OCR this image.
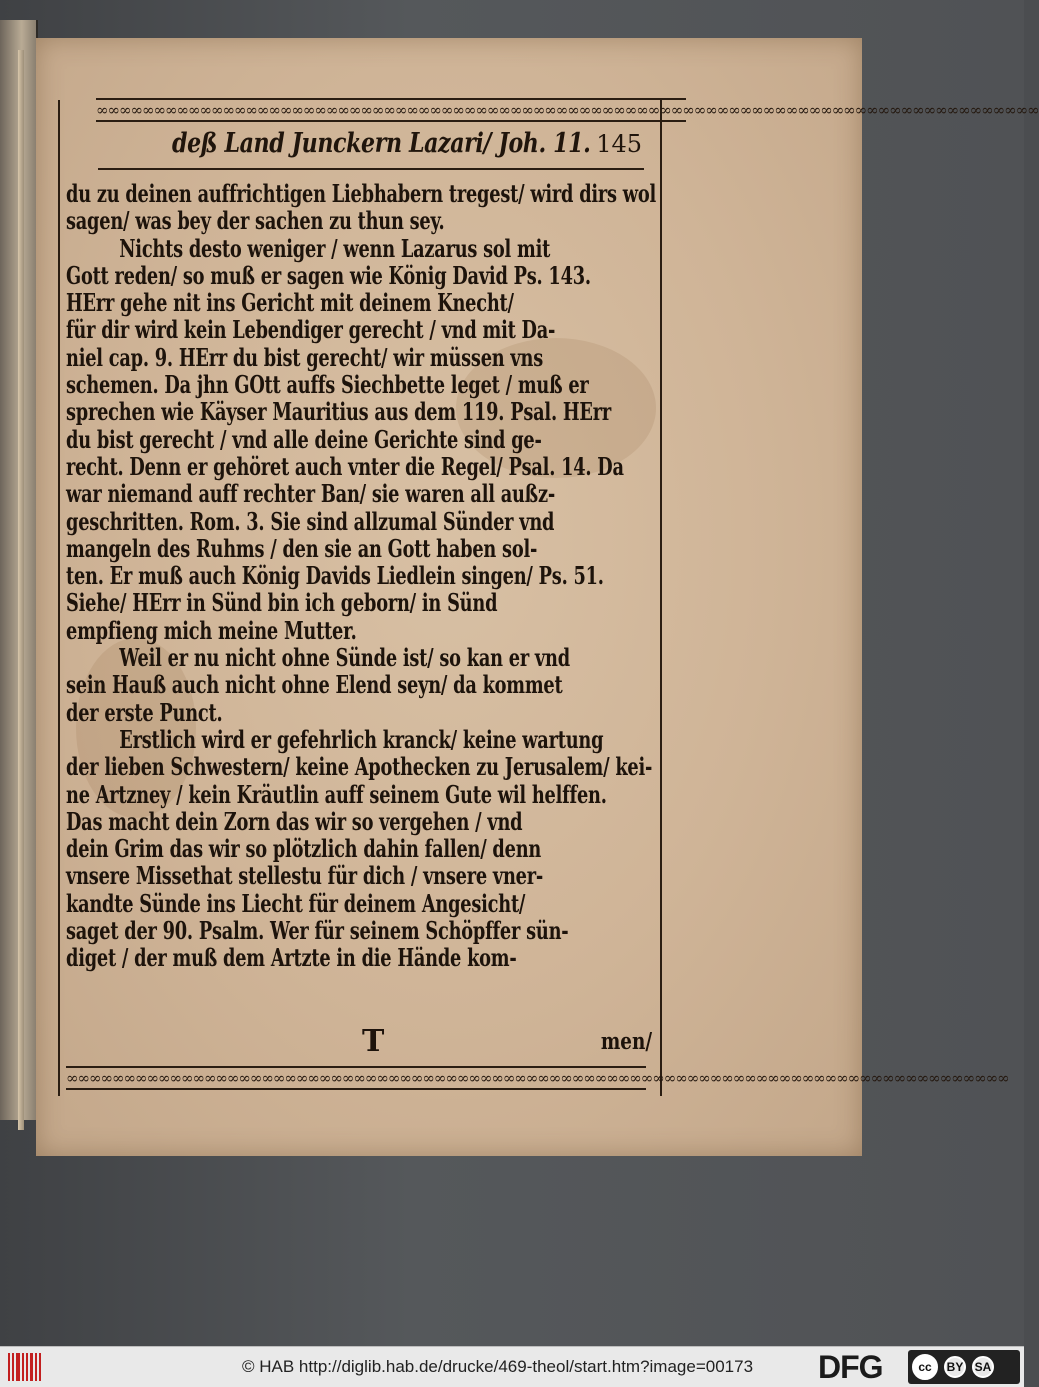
∞∞∞∞∞∞∞∞∞∞∞∞∞∞∞∞∞∞∞∞∞∞∞∞∞∞∞∞∞∞∞∞∞∞∞∞∞∞∞∞∞∞∞∞∞∞∞∞∞∞∞∞∞∞∞∞∞∞∞∞∞∞∞∞∞∞∞∞∞∞∞∞∞∞∞∞∞∞∞∞∞∞
deß Land Junckern Lazari/ Joh. 11. 145
du zu deinen auffrichtigen Liebhabern tregest/ wird dirs wol
sagen/ was bey der sachen zu thun sey.
Nichts desto weniger / wenn Lazarus sol mit
Gott reden/ so muß er sagen wie König David Ps. 143.
HErr gehe nit ins Gericht mit deinem Knecht/
für dir wird kein Lebendiger gerecht / vnd mit Da-
niel cap. 9. HErr du bist gerecht/ wir müssen vns
schemen. Da jhn GOtt auffs Siechbette leget / muß er
sprechen wie Käyser Mauritius aus dem 119. Psal. HErr
du bist gerecht / vnd alle deine Gerichte sind ge-
recht. Denn er gehöret auch vnter die Regel/ Psal. 14. Da
war niemand auff rechter Ban/ sie waren all außz-
geschritten. Rom. 3. Sie sind allzumal Sünder vnd
mangeln des Ruhms / den sie an Gott haben sol-
ten. Er muß auch König Davids Liedlein singen/ Ps. 51.
Siehe/ HErr in Sünd bin ich geborn/ in Sünd
empfieng mich meine Mutter.
Weil er nu nicht ohne Sünde ist/ so kan er vnd
sein Hauß auch nicht ohne Elend seyn/ da kommet
der erste Punct.
Erstlich wird er gefehrlich kranck/ keine wartung
der lieben Schwestern/ keine Apothecken zu Jerusalem/ kei-
ne Artzney / kein Kräutlin auff seinem Gute wil helffen.
Das macht dein Zorn das wir so vergehen / vnd
dein Grim das wir so plötzlich dahin fallen/ denn
vnsere Missethat stellestu für dich / vnsere vner-
kandte Sünde ins Liecht für deinem Angesicht/
saget der 90. Psalm. Wer für seinem Schöpffer sün-
diget / der muß dem Artzte in die Hände kom-
T	men/
∞∞∞∞∞∞∞∞∞∞∞∞∞∞∞∞∞∞∞∞∞∞∞∞∞∞∞∞∞∞∞∞∞∞∞∞∞∞∞∞∞∞∞∞∞∞∞∞∞∞∞∞∞∞∞∞∞∞∞∞∞∞∞∞∞∞∞∞∞∞∞∞∞∞∞∞∞∞∞∞∞∞
© HAB http://diglib.hab.de/drucke/469-theol/start.htm?image=00173 DFG	cc	BY SA
